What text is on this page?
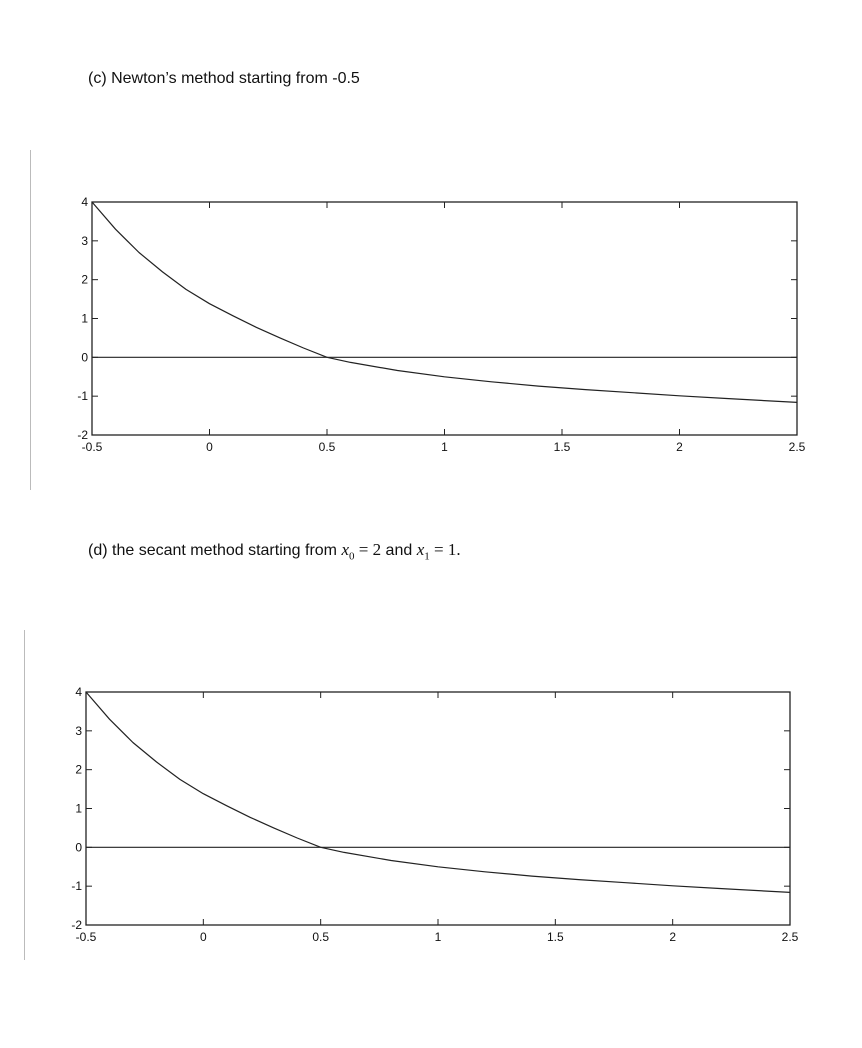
(c) Newton’s method starting from -0.5
-0.5	0	0.5	1	1.5	2	2.5
-2
-1
0
1
2
3
4
(d) the secant method starting from $x_0 = 2$ and $x_1 = 1$.
-0.5	0	0.5	1	1.5	2	2.5
-2
-1
0
1
2
3
4
